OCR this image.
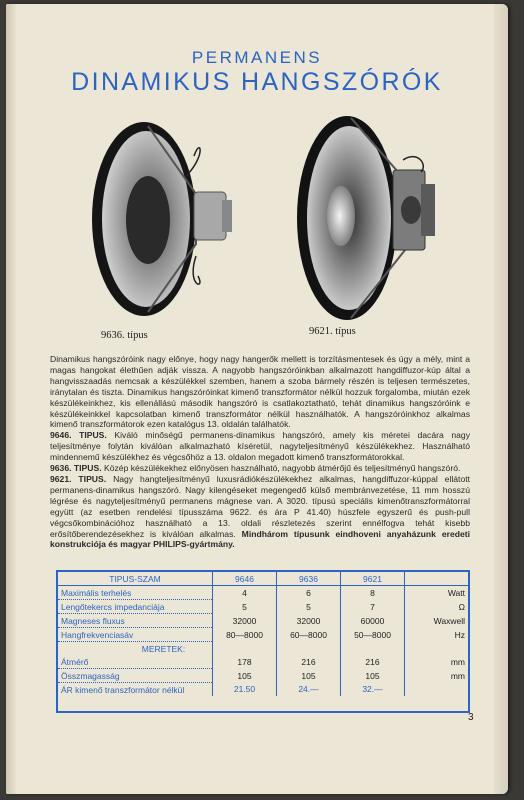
PERMANENS
DINAMIKUS HANGSZÓRÓK
9636. típus	9621. típus

Dinamikus hangszóróink nagy előnye, hogy nagy hangerők mellett is torzításmentesek és úgy a mély, mint a magas hangokat élethűen adják vissza. A nagyobb hangszóróinkban alkalmazott hangdiffuzor-kúp által a hangvisszaadás nemcsak a készülékkel szemben, hanem a szoba bármely részén is teljesen természetes, iránytalan és tiszta. Dinamikus hangszóróinkat kimenő transzformátor nélkül hozzuk forgalomba, miután ezek készülékeinkhez, kis ellenállású második hangszóró is csatlakoztatható, tehát dinamikus hangszóróink e készülékeinkkel kapcsolatban kimenő transzformátor nélkül használhatók. A hangszóróinkhoz alkalmas kimenő transzformátorok ezen katalógus 13. oldalán találhatók.

9646. TIPUS. Kiváló minőségű permanens-dinamikus hangszóró, amely kis méretei dacára nagy teljesítménye folytán kiválóan alkalmazható kíséretül, nagyteljesítményű készülékekhez. Használható mindennemű készülékhez és végcsőhöz a 13. oldalon megadott kimenő transzformátorokkal.

9636. TIPUS. Közép készülékekhez előnyösen használható, nagyobb átmérőjű és teljesítményű hangszóró.

9621. TIPUS. Nagy hangteljesítményű luxusrádiókészülékekhez alkalmas, hangdiffuzor-kúppal ellátott permanens-dinamikus hangszóró. Nagy kilengéseket megengedő külső membránvezetése, 11 mm hosszú légrése és nagyteljesítményű permanens mágnese van. A 3020. típusú speciális kimenőtranszformátorral együtt (az esetben rendelési típusszáma 9622. és ára P 41.40) húszfele egyszerű és push-pull végcsőkombinációhoz használható a 13. oldali részletezés szerint ennélfogva tehát kisebb erősítőberendezésekhez is kiválóan alkalmas. Mindhárom típusunk eindhoveni anyaházunk eredeti konstrukciója és magyar PHILIPS-gyártmány.

TIPUS-SZAM	9646	9636	9621	
Maximális terhelés	4	6	8	Watt
Lengőtekercs impedanciája	5	5	7	Ω
Magneses fluxus	32000	32000	60000	Waxwell
Hangfrekvenciasáv	80—8000	60—8000	50—8000	Hz
MERETEK:				
Átmérő	178	216	216	mm
Összmagasság	105	105	105	mm
ÁR kimenő transzformátor nélkül	21.50	24.—	32.—	
3
